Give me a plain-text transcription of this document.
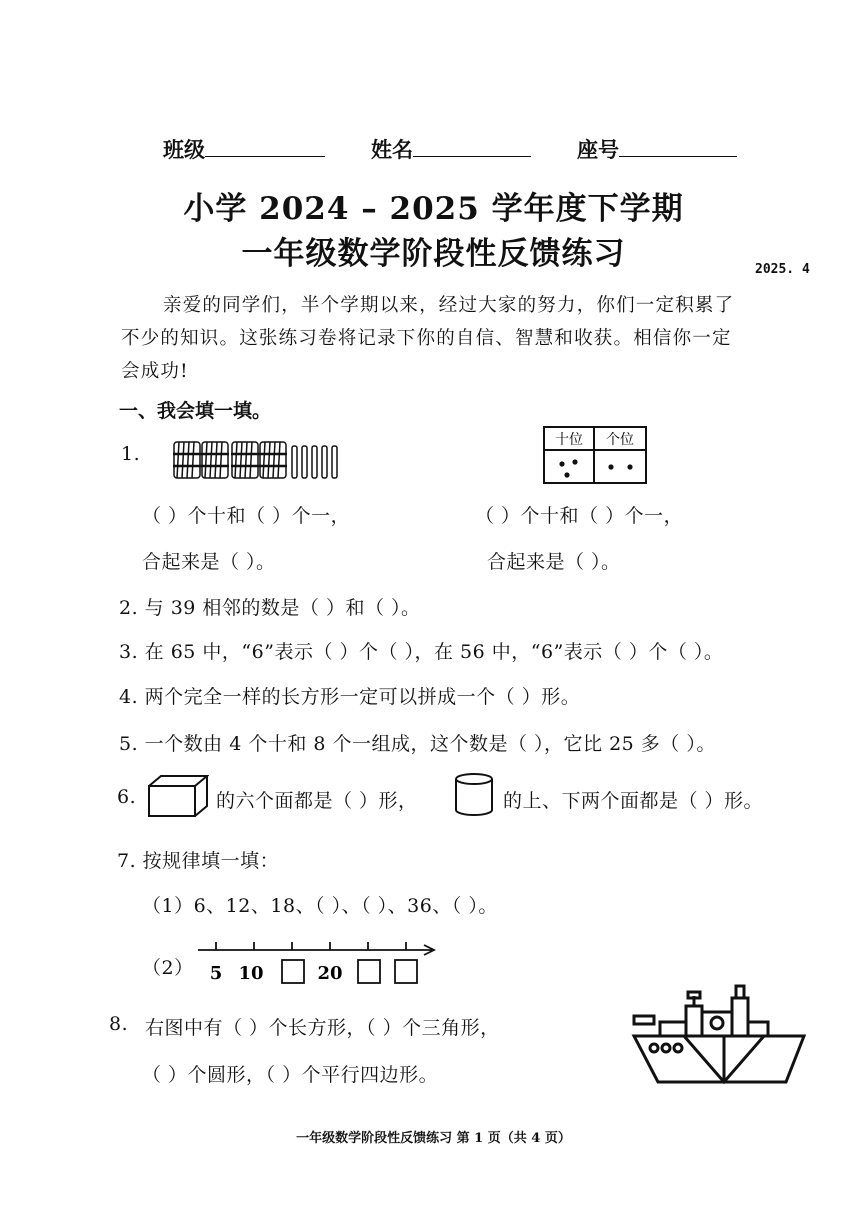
班级	姓名	座号
小学 2024 – 2025 学年度下学期
一年级数学阶段性反馈练习	2025. 4
亲爱的同学们，半个学期以来，经过大家的努力，你们一定积累了
不少的知识。这张练习卷将记录下你的自信、智慧和收获。相信你一定
会成功!
一、我会填一填。
1.
十位 个位
（ ）个十和（ ）个一，
合起来是（ ）。
（ ）个十和（ ）个一，
合起来是（ ）。
2. 与 39 相邻的数是（ ）和（ ）。
3. 在 65 中，“6”表示（ ）个（ ），在 56 中，“6”表示（ ）个（ ）。
4. 两个完全一样的长方形一定可以拼成一个（ ）形。
5. 一个数由 4 个十和 8 个一组成，这个数是（ ），它比 25 多（ ）。
6.	的六个面都是（ ）形，	的上、下两个面都是（ ）形。
7. 按规律填一填：
（1）6、12、18、（ ）、（ ）、36、（ ）。
（2） 5 10	20
8. 右图中有（ ）个长方形，（ ）个三角形，
（ ）个圆形，（ ）个平行四边形。
一年级数学阶段性反馈练习 第 1 页（共 4 页）
